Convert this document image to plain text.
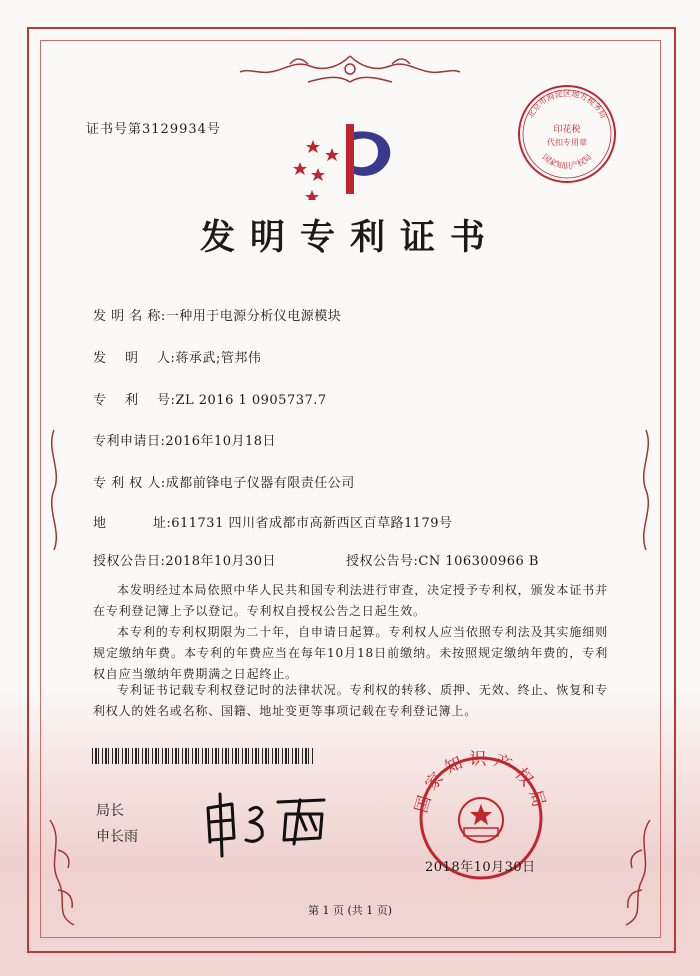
证书号第3129934号
北京市海淀区地方税务局
印花税
代扣专用章
国家知识产权局
发明专利证书
发 明 名 称:一种用于电源分析仪电源模块
发    明    人:蒋承武;管邦伟
专    利    号:ZL 2016 1 0905737.7
专利申请日:2016年10月18日
专 利 权 人:成都前锋电子仪器有限责任公司
地          址:611731 四川省成都市高新西区百草路1179号
授权公告日:2018年10月30日	授权公告号:CN 106300966 B
本发明经过本局依照中华人民共和国专利法进行审查，决定授予专利权，颁发本证书并在专利登记簿上予以登记。专利权自授权公告之日起生效。
本专利的专利权期限为二十年，自申请日起算。专利权人应当依照专利法及其实施细则规定缴纳年费。本专利的年费应当在每年10月18日前缴纳。未按照规定缴纳年费的，专利权自应当缴纳年费期满之日起终止。
专利证书记载专利权登记时的法律状况。专利权的转移、质押、无效、终止、恢复和专利权人的姓名或名称、国籍、地址变更等事项记载在专利登记簿上。
局长
申长雨
国家知识产权局
2018年10月30日
第 1 页 (共 1 页)
